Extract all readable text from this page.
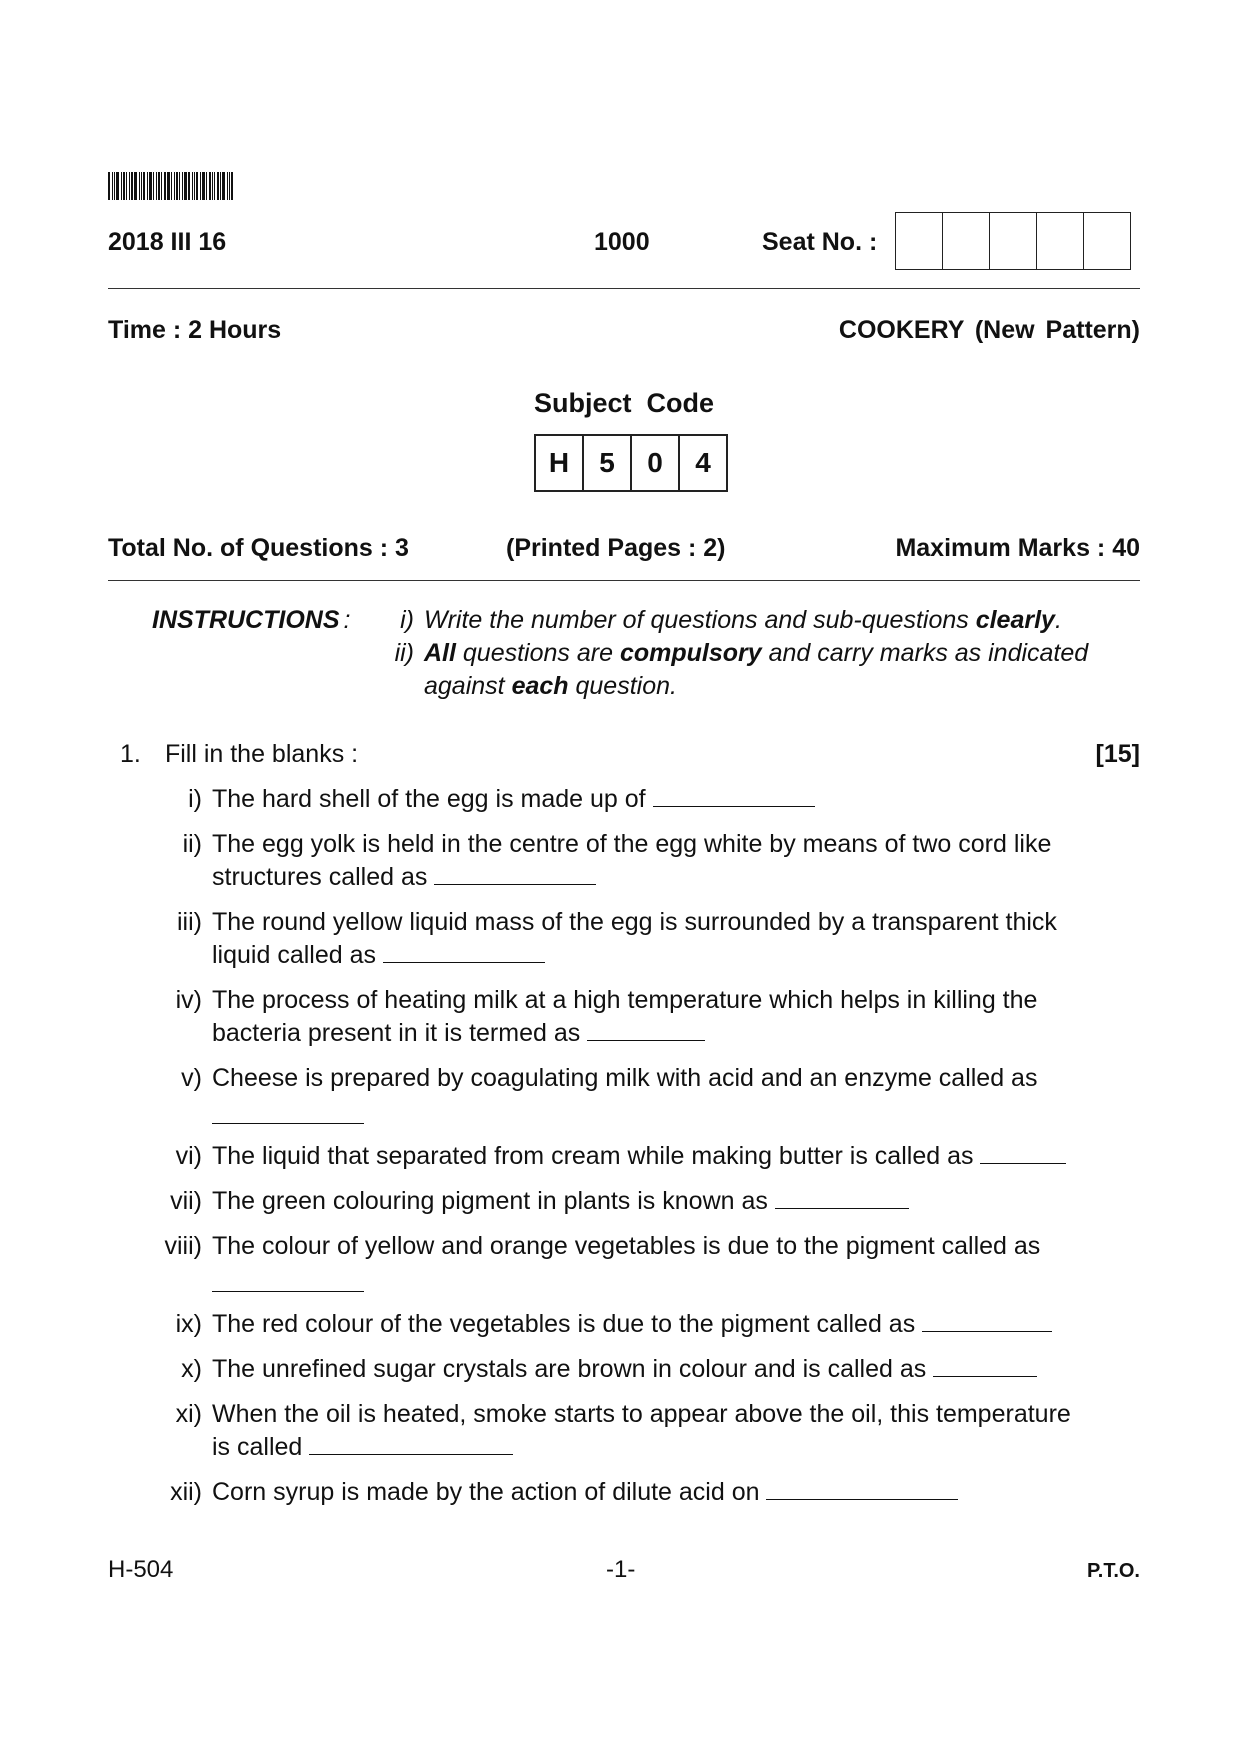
2018 III 16	1000	Seat No. :
Time : 2 Hours	COOKERY (New Pattern)
Subject  Code
H	5	0	4
Total No. of Questions : 3	(Printed Pages : 2)	Maximum Marks : 40
INSTRUCTIONS :	i) Write the number of questions and sub-questions clearly.
ii) All questions are compulsory and carry marks as indicated
against each question.
1. Fill in the blanks :	[15]
i) The hard shell of the egg is made up of
ii) The egg yolk is held in the centre of the egg white by means of two cord like structures called as
iii) The round yellow liquid mass of the egg is surrounded by a transparent thick liquid called as
iv) The process of heating milk at a high temperature which helps in killing the bacteria present in it is termed as
v) Cheese is prepared by coagulating milk with acid and an enzyme called as

vi) The liquid that separated from cream while making butter is called as
vii) The green colouring pigment in plants is known as
viii) The colour of yellow and orange vegetables is due to the pigment called as

ix) The red colour of the vegetables is due to the pigment called as
x) The unrefined sugar crystals are brown in colour and is called as
xi) When the oil is heated, smoke starts to appear above the oil, this temperature is called
xii) Corn syrup is made by the action of dilute acid on
H-504	-1-	P.T.O.
